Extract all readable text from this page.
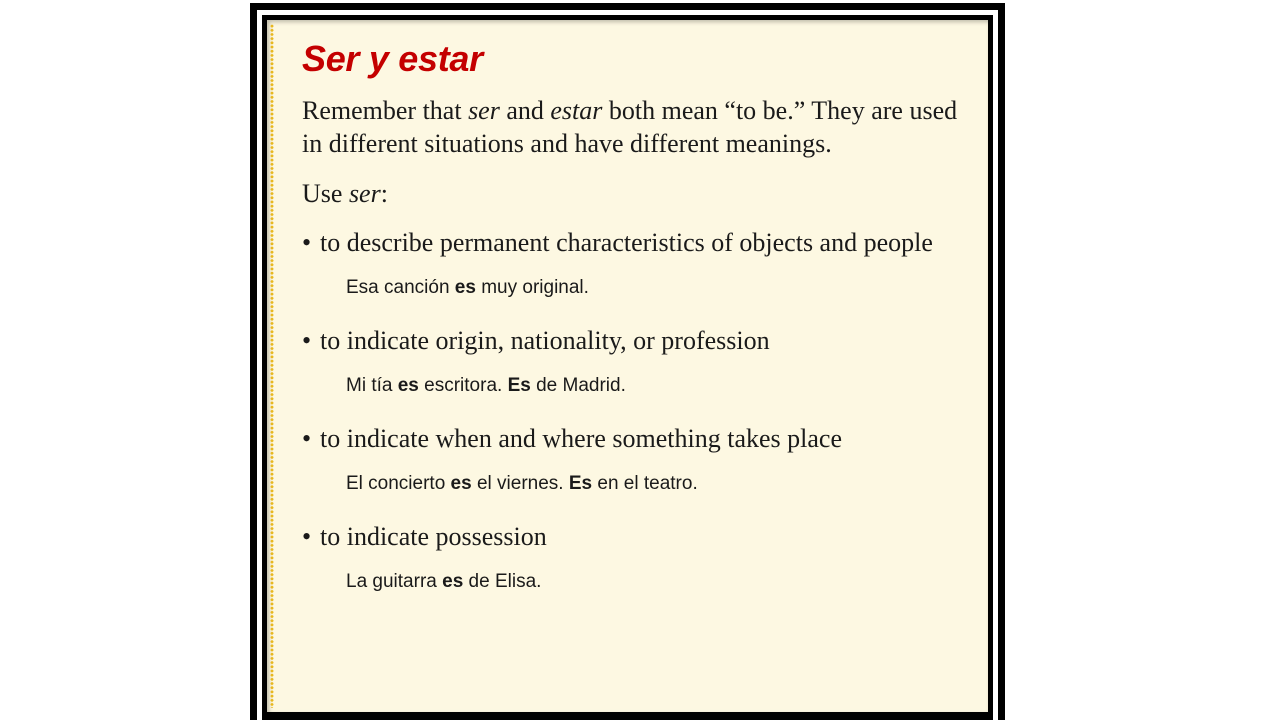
Ser y estar

Remember that ser and estar both mean “to be.” They are used in different situations and have different meanings.

Use ser:

• to describe permanent characteristics of objects and people
Esa canción es muy original.
• to indicate origin, nationality, or profession
Mi tía es escritora. Es de Madrid.
• to indicate when and where something takes place
El concierto es el viernes. Es en el teatro.
• to indicate possession
La guitarra es de Elisa.
